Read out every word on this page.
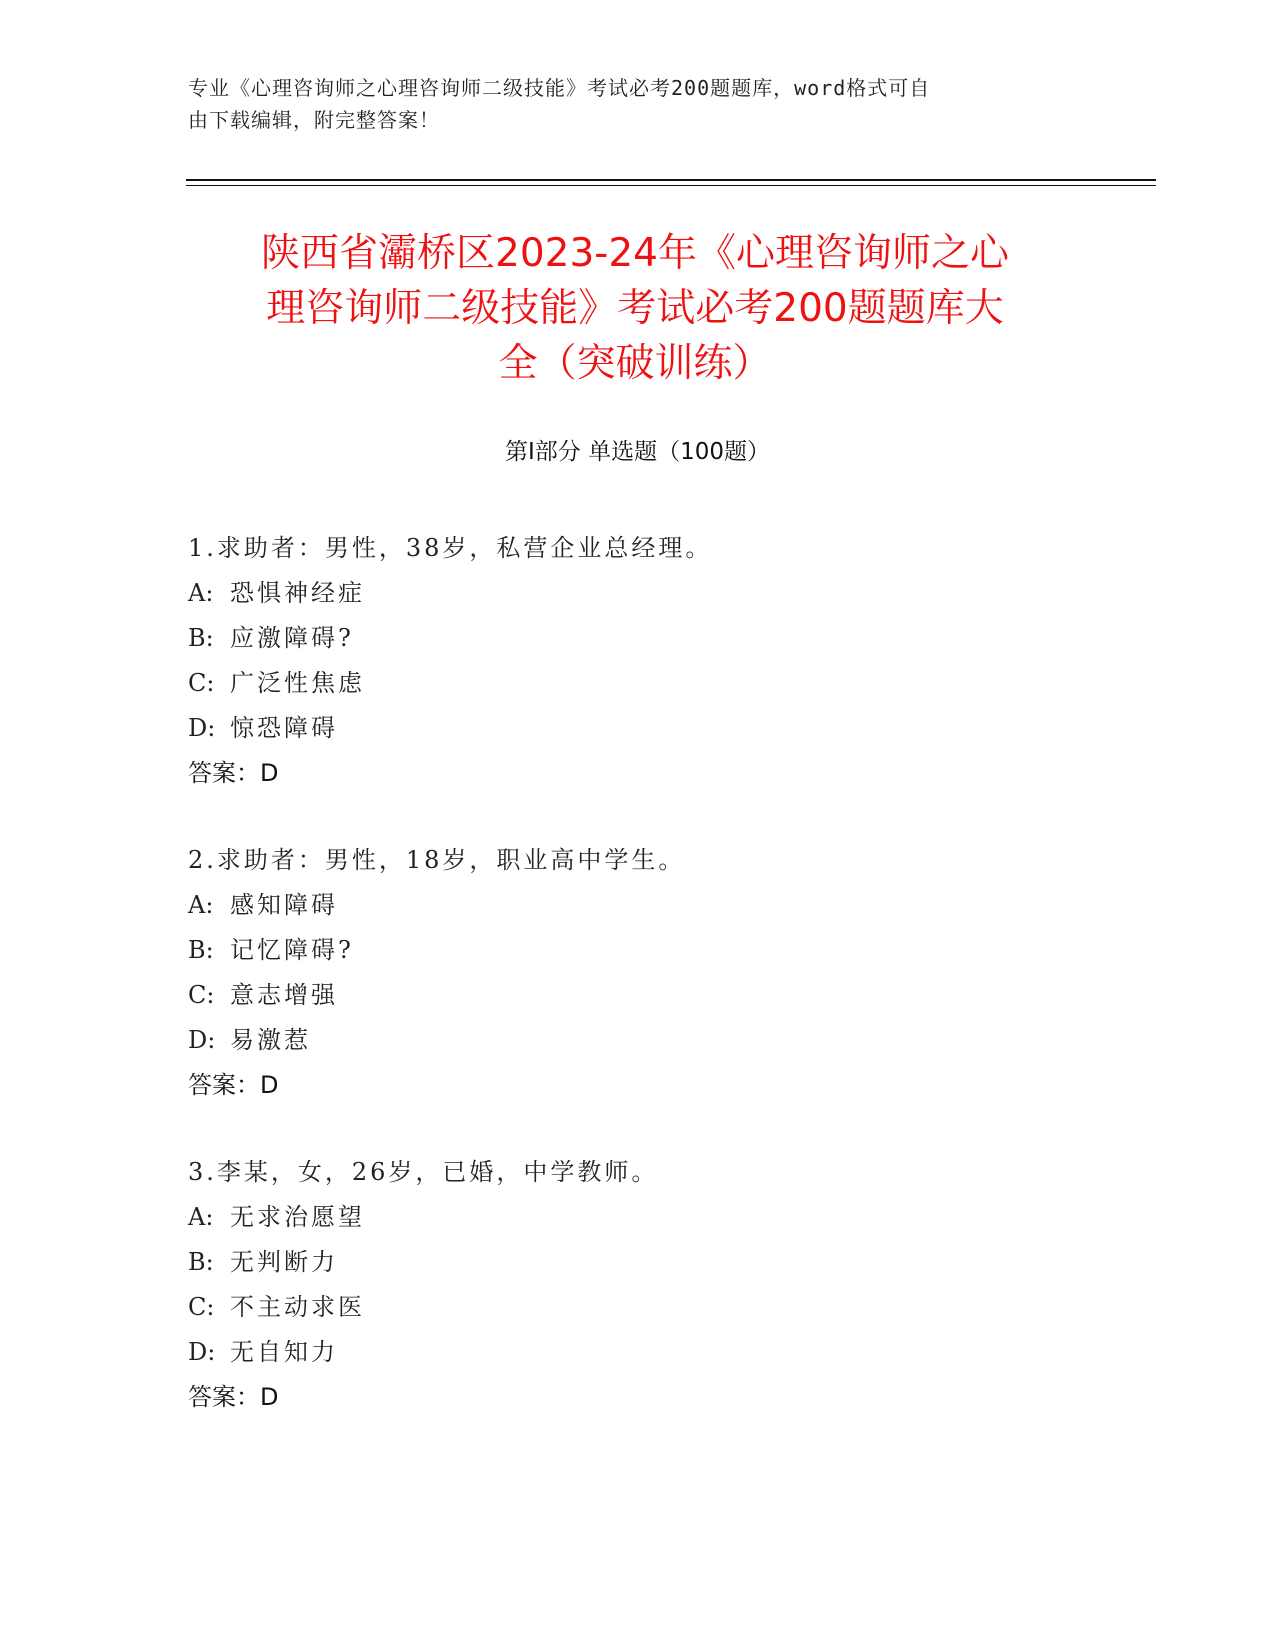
专业《心理咨询师之心理咨询师二级技能》考试必考200题题库，word格式可自
由下载编辑，附完整答案！
陕西省灞桥区2023-24年《心理咨询师之心
理咨询师二级技能》考试必考200题题库大
全（突破训练）
第Ⅰ部分 单选题（100题）
1.求助者：男性，38岁，私营企业总经理。
A: 恐惧神经症
B: 应激障碍?
C: 广泛性焦虑
D: 惊恐障碍
答案：D
2.求助者：男性，18岁，职业高中学生。
A: 感知障碍
B: 记忆障碍?
C: 意志增强
D: 易激惹
答案：D
3.李某，女，26岁，已婚，中学教师。
A: 无求治愿望
B: 无判断力
C: 不主动求医
D: 无自知力
答案：D
